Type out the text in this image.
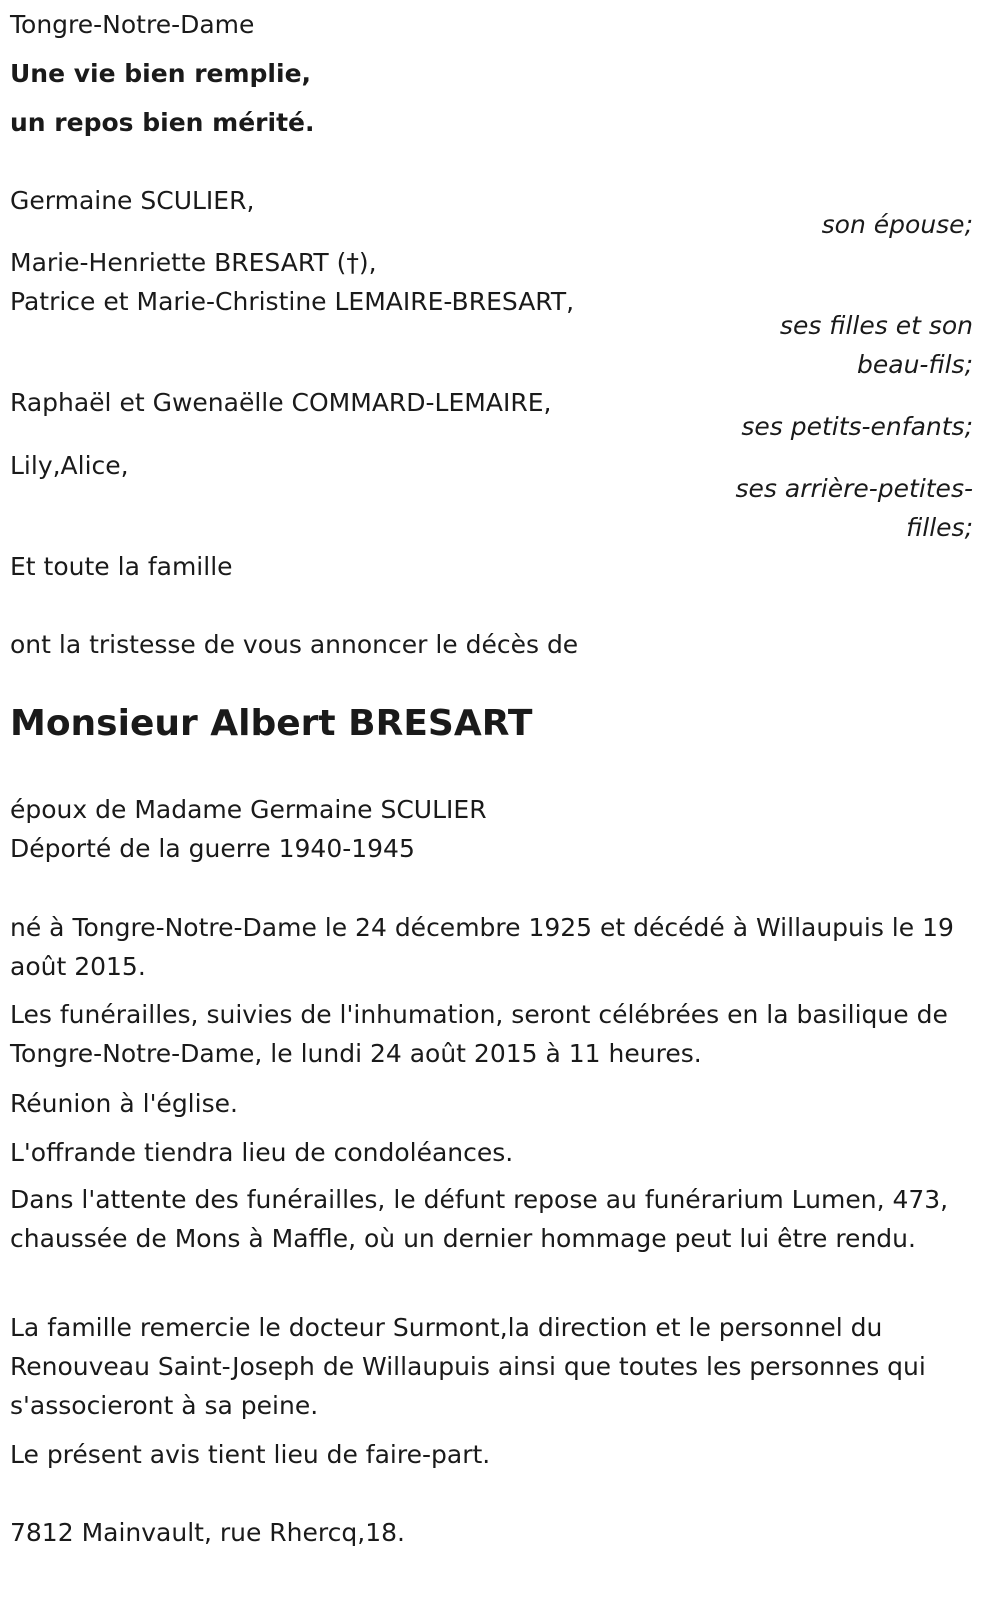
Tongre-Notre-Dame
Une vie bien remplie,
un repos bien mérité.
Germaine SCULIER,
son épouse;
Marie-Henriette BRESART (†),
Patrice et Marie-Christine LEMAIRE-BRESART,
ses filles et son
beau-fils;
Raphaël et Gwenaëlle COMMARD-LEMAIRE,
ses petits-enfants;
Lily,Alice,
ses arrière-petites-
filles;
Et toute la famille
ont la tristesse de vous annoncer le décès de
Monsieur Albert BRESART
époux de Madame Germaine SCULIER
Déporté de la guerre 1940-1945
né à Tongre-Notre-Dame le 24 décembre 1925 et décédé à Willaupuis le 19 août 2015.
Les funérailles, suivies de l'inhumation, seront célébrées en la basilique de Tongre-Notre-Dame, le lundi 24 août 2015 à 11 heures.
Réunion à l'église.
L'offrande tiendra lieu de condoléances.
Dans l'attente des funérailles, le défunt repose au funérarium Lumen, 473, chaussée de Mons à Maffle, où un dernier hommage peut lui être rendu.
La famille remercie le docteur Surmont,la direction et le personnel du Renouveau Saint-Joseph de Willaupuis ainsi que toutes les personnes qui s'associeront à sa peine.
Le présent avis tient lieu de faire-part.
7812 Mainvault, rue Rhercq,18.
